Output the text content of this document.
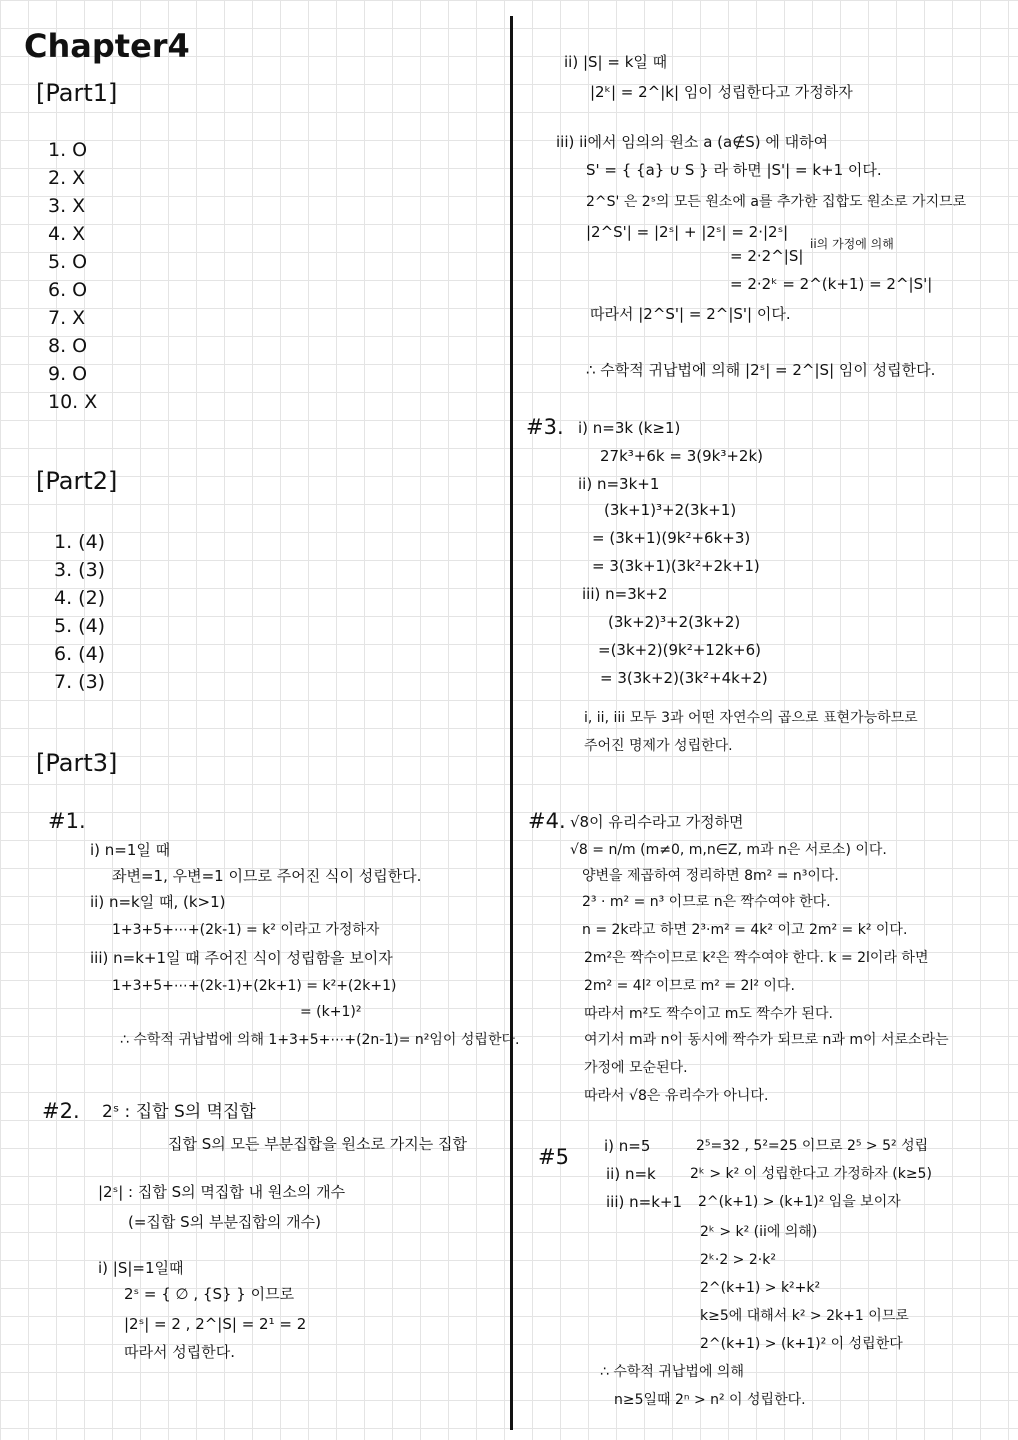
Chapter4
[Part1]
1. O
2. X
3. X
4. X
5. O
6. O
7. X
8. O
9. O
10. X
[Part2]
1. (4)
3. (3)
4. (2)
5. (4)
6. (4)
7. (3)
[Part3]
#1.
i) n=1일 때
좌변=1, 우변=1 이므로 주어진 식이 성립한다.
ii) n=k일 때, (k>1)
1+3+5+⋯+(2k-1) = k² 이라고 가정하자
iii) n=k+1일 때 주어진 식이 성립함을 보이자
1+3+5+⋯+(2k-1)+(2k+1) = k²+(2k+1)
= (k+1)²
∴ 수학적 귀납법에 의해 1+3+5+⋯+(2n-1)= n²임이 성립한다.
#2. 2ˢ : 집합 S의 멱집합
집합 S의 모든 부분집합을 원소로 가지는 집합
|2ˢ| : 집합 S의 멱집합 내 원소의 개수
(=집합 S의 부분집합의 개수)
i) |S|=1일때
2ˢ = { ∅ , {S} } 이므로
|2ˢ| = 2 , 2^|S| = 2¹ = 2
따라서 성립한다.
ii) |S| = k일 때
|2ᵏ| = 2^|k| 임이 성립한다고 가정하자
iii) ii에서 임의의 원소 a (a∉S) 에 대하여
S' = { {a} ∪ S } 라 하면 |S'| = k+1 이다.
2^S' 은 2ˢ의 모든 원소에 a를 추가한 집합도 원소로 가지므로
|2^S'| = |2ˢ| + |2ˢ| = 2·|2ˢ|
ii의 가정에 의해
= 2·2^|S|
= 2·2ᵏ = 2^(k+1) = 2^|S'|
따라서 |2^S'| = 2^|S'| 이다.
∴ 수학적 귀납법에 의해 |2ˢ| = 2^|S| 임이 성립한다.
#3. i) n=3k (k≥1)
27k³+6k = 3(9k³+2k)
ii) n=3k+1
(3k+1)³+2(3k+1)
= (3k+1)(9k²+6k+3)
= 3(3k+1)(3k²+2k+1)
iii) n=3k+2
(3k+2)³+2(3k+2)
=(3k+2)(9k²+12k+6)
= 3(3k+2)(3k²+4k+2)
i, ii, iii 모두 3과 어떤 자연수의 곱으로 표현가능하므로
주어진 명제가 성립한다.
#4. √8이 유리수라고 가정하면
√8 = n/m (m≠0, m,n∈Z, m과 n은 서로소) 이다.
양변을 제곱하여 정리하면 8m² = n³이다.
2³ · m² = n³ 이므로 n은 짝수여야 한다.
n = 2k라고 하면 2³·m² = 4k² 이고 2m² = k² 이다.
2m²은 짝수이므로 k²은 짝수여야 한다. k = 2l이라 하면
2m² = 4l² 이므로 m² = 2l² 이다.
따라서 m²도 짝수이고 m도 짝수가 된다.
여기서 m과 n이 동시에 짝수가 되므로 n과 m이 서로소라는
가정에 모순된다.
따라서 √8은 유리수가 아니다.
#5 i) n=5	2⁵=32 , 5²=25 이므로 2⁵ > 5² 성립
ii) n=k 2ᵏ > k² 이 성립한다고 가정하자 (k≥5)
iii) n=k+1 2^(k+1) > (k+1)² 임을 보이자
2ᵏ > k² (ii에 의해)
2ᵏ·2 > 2·k²
2^(k+1) > k²+k²
k≥5에 대해서 k² > 2k+1 이므로
2^(k+1) > (k+1)² 이 성립한다
∴ 수학적 귀납법에 의해
n≥5일때 2ⁿ > n² 이 성립한다.
